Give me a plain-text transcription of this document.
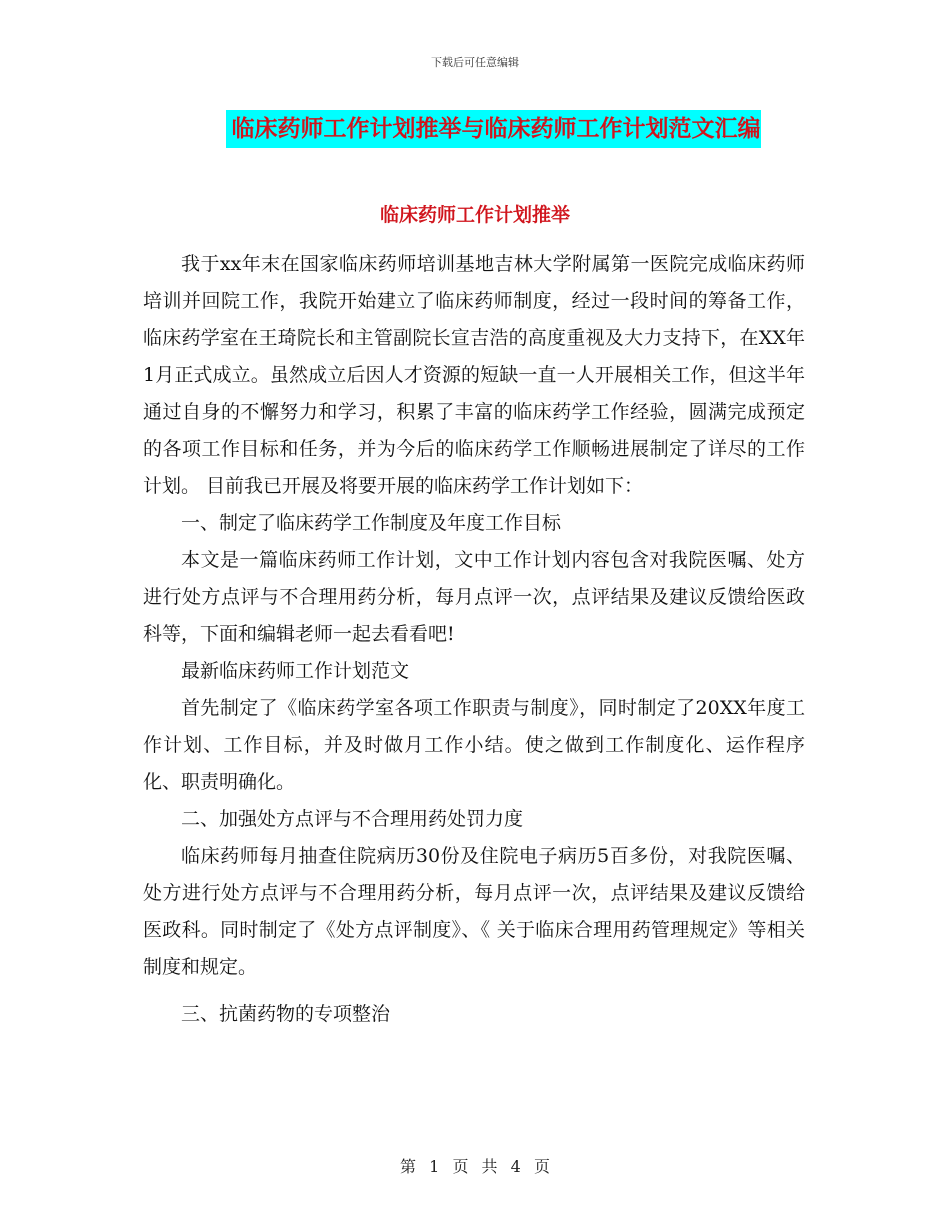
下载后可任意编辑
临床药师工作计划推举与临床药师工作计划范文汇编
临床药师工作计划推举

我于xx年末在国家临床药师培训基地吉林大学附属第一医院完成临床药师培训并回院工作，我院开始建立了临床药师制度，经过一段时间的筹备工作，临床药学室在王琦院长和主管副院长宣吉浩的高度重视及大力支持下，在XX年1月正式成立。虽然成立后因人才资源的短缺一直一人开展相关工作，但这半年通过自身的不懈努力和学习，积累了丰富的临床药学工作经验，圆满完成预定的各项工作目标和任务，并为今后的临床药学工作顺畅进展制定了详尽的工作计划。 目前我已开展及将要开展的临床药学工作计划如下：

一、制定了临床药学工作制度及年度工作目标

本文是一篇临床药师工作计划，文中工作计划内容包含对我院医嘱、处方进行处方点评与不合理用药分析，每月点评一次，点评结果及建议反馈给医政科等，下面和编辑老师一起去看看吧!

最新临床药师工作计划范文

首先制定了《临床药学室各项工作职责与制度》，同时制定了20XX年度工作计划、工作目标，并及时做月工作小结。使之做到工作制度化、运作程序化、职责明确化。

二、加强处方点评与不合理用药处罚力度

临床药师每月抽查住院病历30份及住院电子病历5百多份，对我院医嘱、处方进行处方点评与不合理用药分析，每月点评一次，点评结果及建议反馈给医政科。同时制定了《处方点评制度》、《 关于临床合理用药管理规定》等相关制度和规定。

三、抗菌药物的专项整治

第 1 页 共 4 页
